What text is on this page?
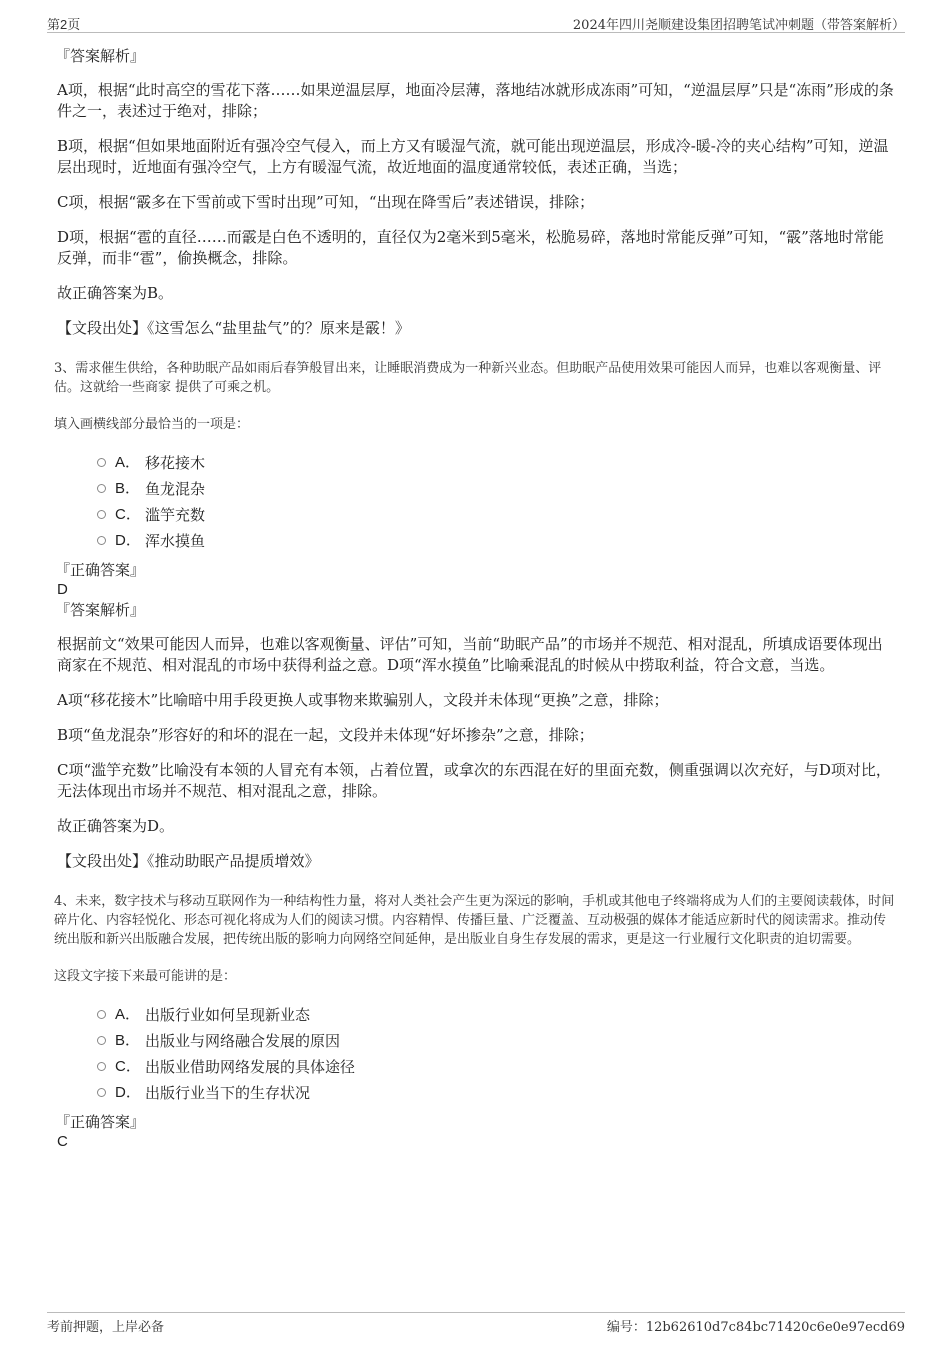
第2页	2024年四川尧顺建设集团招聘笔试冲刺题（带答案解析）

『答案解析』

A项，根据“此时高空的雪花下落……如果逆温层厚，地面冷层薄，落地结冰就形成冻雨”可知，“逆温层厚”只是“冻雨”形成的条件之一，表述过于绝对，排除；

B项，根据“但如果地面附近有强冷空气侵入，而上方又有暖湿气流，就可能出现逆温层，形成冷-暖-冷的夹心结构”可知，逆温层出现时，近地面有强冷空气，上方有暖湿气流，故近地面的温度通常较低，表述正确，当选；

C项，根据“霰多在下雪前或下雪时出现”可知，“出现在降雪后”表述错误，排除；

D项，根据“雹的直径……而霰是白色不透明的，直径仅为2毫米到5毫米，松脆易碎，落地时常能反弹”可知，“霰”落地时常能反弹，而非“雹”，偷换概念，排除。

故正确答案为B。

【文段出处】《这雪怎么“盐里盐气”的？原来是霰！》

3、需求催生供给，各种助眠产品如雨后春笋般冒出来，让睡眠消费成为一种新兴业态。但助眠产品使用效果可能因人而异，也难以客观衡量、评估。这就给一些商家 提供了可乘之机。

填入画横线部分最恰当的一项是：

A． 移花接木
B． 鱼龙混杂
C． 滥竽充数
D． 浑水摸鱼

『正确答案』

D

『答案解析』

根据前文“效果可能因人而异，也难以客观衡量、评估”可知，当前“助眠产品”的市场并不规范、相对混乱，所填成语要体现出商家在不规范、相对混乱的市场中获得利益之意。D项“浑水摸鱼”比喻乘混乱的时候从中捞取利益，符合文意，当选。

A项“移花接木”比喻暗中用手段更换人或事物来欺骗别人，文段并未体现“更换”之意，排除；

B项“鱼龙混杂”形容好的和坏的混在一起，文段并未体现“好坏掺杂”之意，排除；

C项“滥竽充数”比喻没有本领的人冒充有本领，占着位置，或拿次的东西混在好的里面充数，侧重强调以次充好，与D项对比，无法体现出市场并不规范、相对混乱之意，排除。

故正确答案为D。

【文段出处】《推动助眠产品提质增效》

4、未来，数字技术与移动互联网作为一种结构性力量，将对人类社会产生更为深远的影响，手机或其他电子终端将成为人们的主要阅读载体，时间碎片化、内容轻悦化、形态可视化将成为人们的阅读习惯。内容精悍、传播巨量、广泛覆盖、互动极强的媒体才能适应新时代的阅读需求。推动传统出版和新兴出版融合发展，把传统出版的影响力向网络空间延伸，是出版业自身生存发展的需求，更是这一行业履行文化职责的迫切需要。

这段文字接下来最可能讲的是：

A． 出版行业如何呈现新业态
B． 出版业与网络融合发展的原因
C． 出版业借助网络发展的具体途径
D． 出版行业当下的生存状况

『正确答案』

C

考前押题，上岸必备	编号：12b62610d7c84bc71420c6e0e97ecd69
